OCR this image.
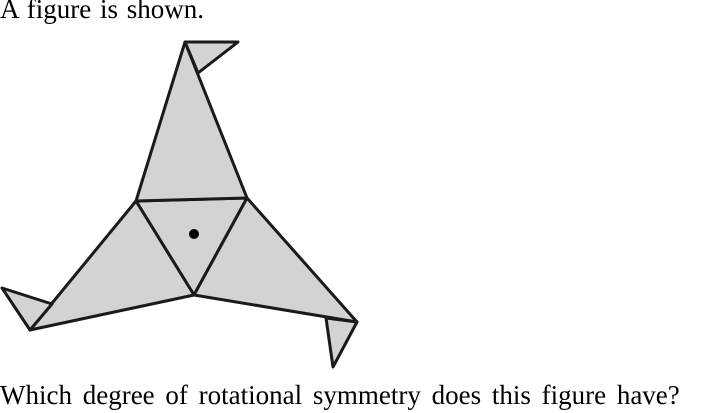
A figure is shown.
Which degree of rotational symmetry does this figure have?
